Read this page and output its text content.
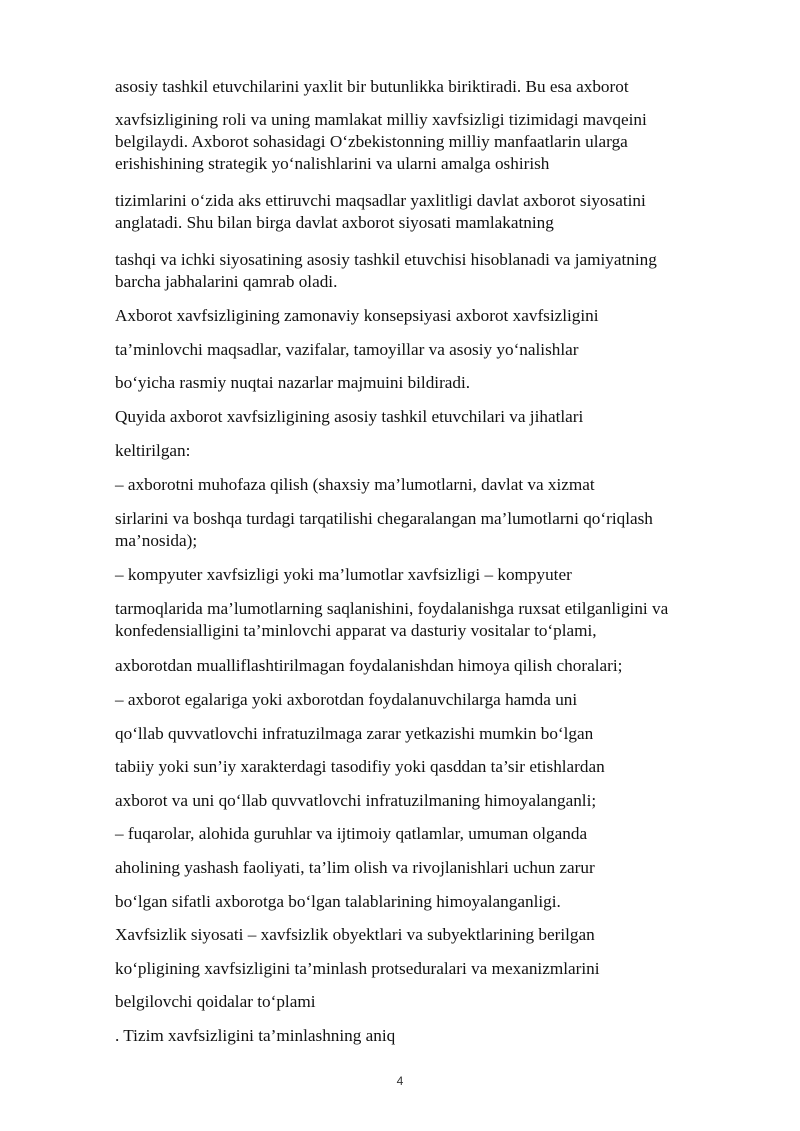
asosiy tashkil etuvchilarini yaxlit bir butunlikka biriktiradi. Bu esa axborot
xavfsizligining roli va uning mamlakat milliy xavfsizligi tizimidagi mavqeini
belgilaydi. Axborot sohasidagi O‘zbekistonning milliy manfaatlarin ularga
erishishining strategik yo‘nalishlarini va ularni amalga oshirish
tizimlarini o‘zida aks ettiruvchi maqsadlar yaxlitligi davlat axborot siyosatini
anglatadi. Shu bilan birga davlat axborot siyosati mamlakatning
tashqi va ichki siyosatining asosiy tashkil etuvchisi hisoblanadi va jamiyatning
barcha jabhalarini qamrab oladi.
Axborot xavfsizligining zamonaviy konsepsiyasi axborot xavfsizligini
ta’minlovchi maqsadlar, vazifalar, tamoyillar va asosiy yo‘nalishlar
bo‘yicha rasmiy nuqtai nazarlar majmuini bildiradi.
Quyida axborot xavfsizligining asosiy tashkil etuvchilari va jihatlari
keltirilgan:
– axborotni muhofaza qilish (shaxsiy ma’lumotlarni, davlat va xizmat
sirlarini va boshqa turdagi tarqatilishi chegaralangan ma’lumotlarni qo‘riqlash
ma’nosida);
– kompyuter xavfsizligi yoki ma’lumotlar xavfsizligi – kompyuter
tarmoqlarida ma’lumotlarning saqlanishini, foydalanishga ruxsat etilganligini va
konfedensialligini ta’minlovchi apparat va dasturiy vositalar to‘plami,
axborotdan mualliflashtirilmagan foydalanishdan himoya qilish choralari;
– axborot egalariga yoki axborotdan foydalanuvchilarga hamda uni
qo‘llab quvvatlovchi infratuzilmaga zarar yetkazishi mumkin bo‘lgan
tabiiy yoki sun’iy xarakterdagi tasodifiy yoki qasddan ta’sir etishlardan
axborot va uni qo‘llab quvvatlovchi infratuzilmaning himoyalanganli;
– fuqarolar, alohida guruhlar va ijtimoiy qatlamlar, umuman olganda
aholining yashash faoliyati, ta’lim olish va rivojlanishlari uchun zarur
bo‘lgan sifatli axborotga bo‘lgan talablarining himoyalanganligi.
Xavfsizlik siyosati – xavfsizlik obyektlari va subyektlarining berilgan
ko‘pligining xavfsizligini ta’minlash protseduralari va mexanizmlarini
belgilovchi qoidalar to‘plami
. Tizim xavfsizligini ta’minlashning aniq
4
